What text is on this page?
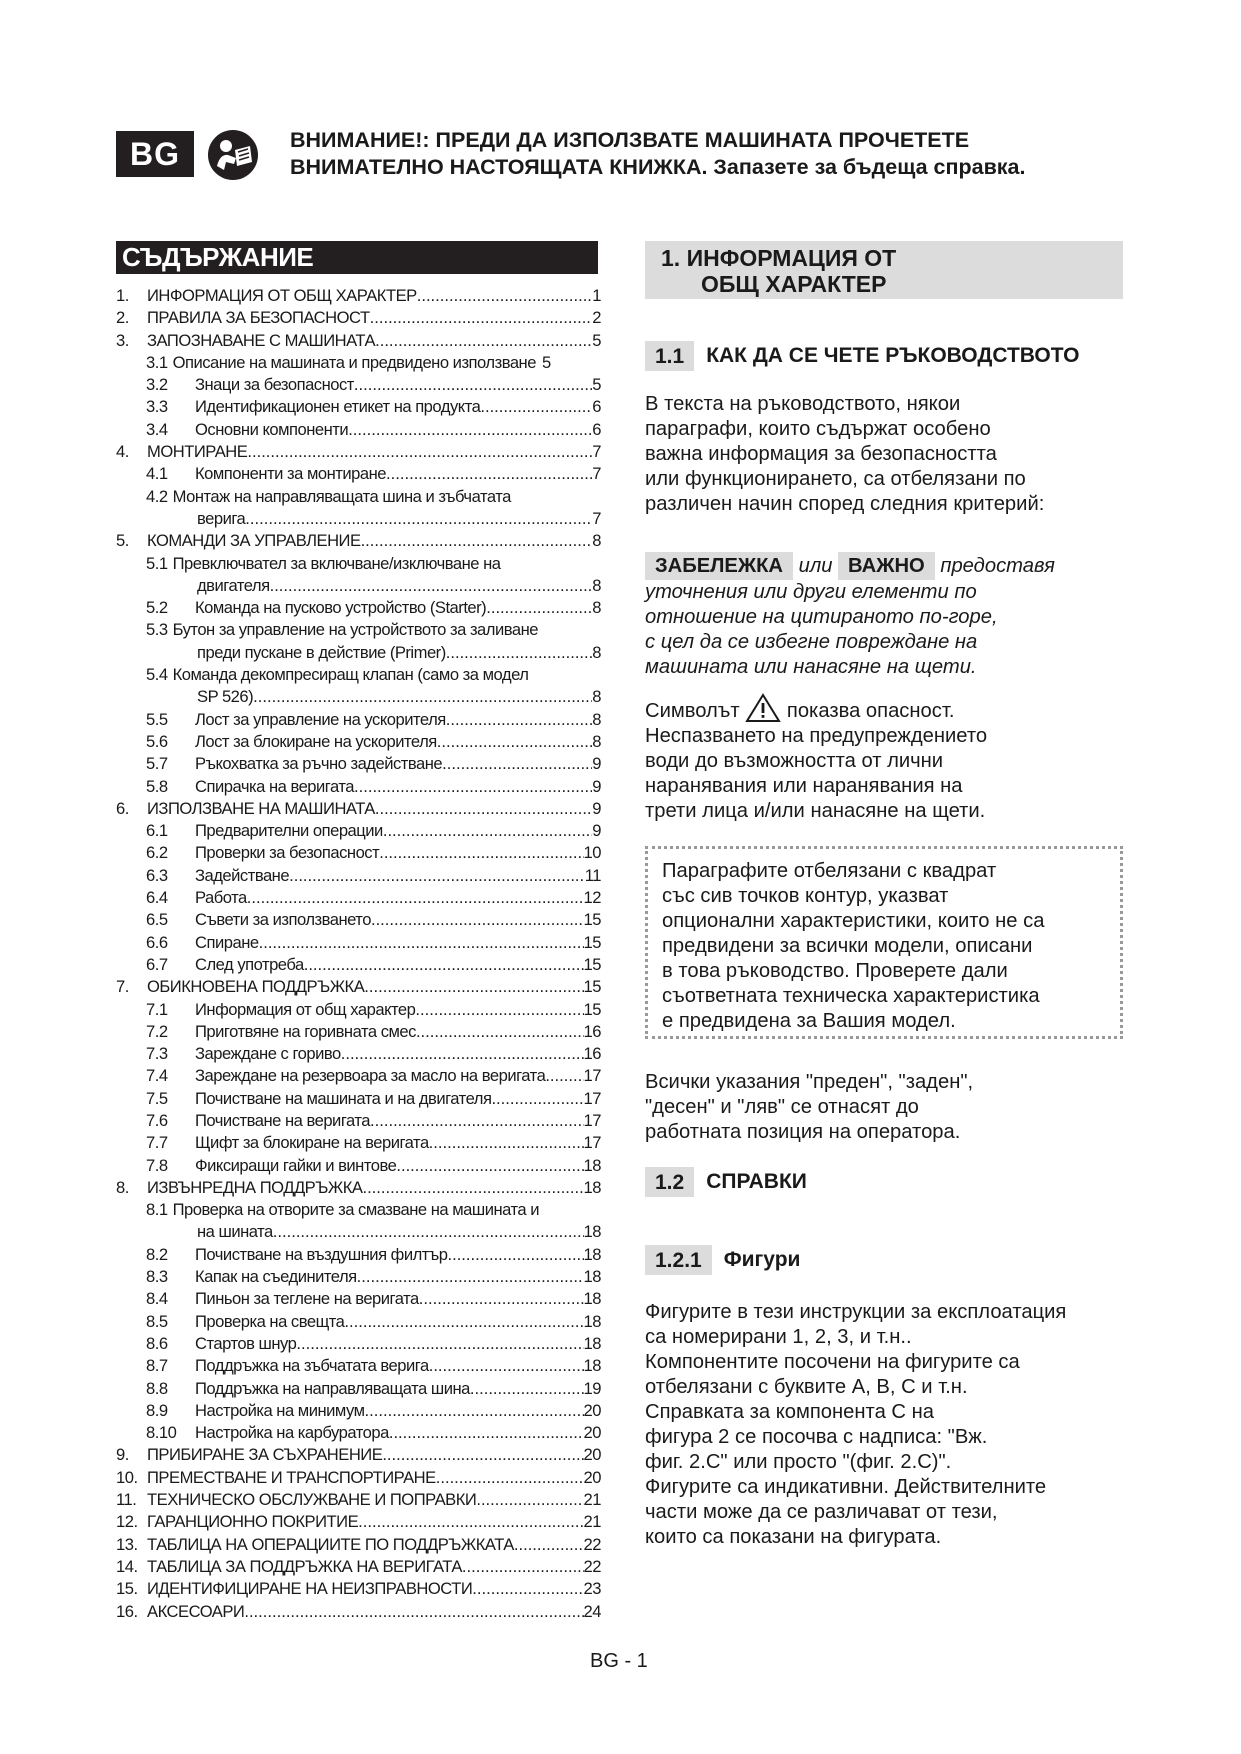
BG	ВНИМАНИЕ!: ПРЕДИ ДА ИЗПОЛЗВАТЕ МАШИНАТА ПРОЧЕТЕТЕ
ВНИМАТЕЛНО НАСТОЯЩАТА КНИЖКА. Запазете за бъдеща справка.
СЪДЪРЖАНИЕ
1.	ИНФОРМАЦИЯ ОТ ОБЩ ХАРАКТЕР .....	1
2.	ПРАВИЛА ЗА БЕЗОПАСНОСТ .....	2
3.	ЗАПОЗНАВАНЕ С МАШИНАТА .....	5
3.1 Описание на машината и предвидено използване 5
3.2	Знаци за безопасност .....	5
3.3	Идентификационен етикет на продукта .....	6
3.4	Основни компоненти .....	6
4.	МОНТИРАНЕ .....	7
4.1	Компоненти за монтиране .....	7
4.2 Монтаж на направляващата шина и зъбчатата
верига .....	7
5.	КОМАНДИ ЗА УПРАВЛЕНИЕ .....	8
5.1 Превключвател за включване/изключване на
двигателя .....	8
5.2	Команда на пусково устройство (Starter) .....	8
5.3 Бутон за управление на устройството за заливане
преди пускане в действие (Primer) .....	8
5.4 Команда декомпресиращ клапан (само за модел
SP 526) .....	8
5.5	Лост за управление на ускорителя .....	8
5.6	Лост за блокиране на ускорителя .....	8
5.7	Ръкохватка за ръчно задействане .....	9
5.8	Спирачка на веригата .....	9
6.	ИЗПОЛЗВАНЕ НА МАШИНАТА .....	9
6.1	Предварителни операции .....	9
6.2	Проверки за безопасност .....	10
6.3	Задействане .....	11
6.4	Работа .....	12
6.5	Съвети за използването .....	15
6.6	Спиране .....	15
6.7	След употреба .....	15
7.	ОБИКНОВЕНА ПОДДРЪЖКА .....	15
7.1	Информация от общ характер .....	15
7.2	Приготвяне на горивната смес .....	16
7.3	Зареждане с гориво .....	16
7.4	Зареждане на резервоара за масло на веригата ..... 17
7.5	Почистване на машината и на двигателя .....	17
7.6	Почистване на веригата .....	17
7.7	Щифт за блокиране на веригата .....	17
7.8	Фиксиращи гайки и винтове .....	18
8.	ИЗВЪНРЕДНА ПОДДРЪЖКА .....	18
8.1 Проверка на отворите за смазване на машината и
на шината .....	18
8.2	Почистване на въздушния филтър .....	18
8.3	Капак на съединителя .....	18
8.4	Пиньон за теглене на веригата .....	18
8.5	Проверка на свещта .....	18
8.6	Стартов шнур .....	18
8.7	Поддръжка на зъбчатата верига .....	18
8.8	Поддръжка на направляващата шина .....	19
8.9	Настройка на минимум .....	20
8.10	Настройка на карбуратора .....	20
9.	ПРИБИРАНЕ ЗА СЪХРАНЕНИЕ .....	20
10. ПРЕМЕСТВАНЕ И ТРАНСПОРТИРАНЕ .....	20
11. ТЕХНИЧЕСКО ОБСЛУЖВАНЕ И ПОПРАВКИ .....	21
12. ГАРАНЦИОННО ПОКРИТИЕ .....	21
13. ТАБЛИЦА НА ОПЕРАЦИИТЕ ПО ПОДДРЪЖКАТА .....	22
14. ТАБЛИЦА ЗА ПОДДРЪЖКА НА ВЕРИГАТА .....	22
15. ИДЕНТИФИЦИРАНЕ НА НЕИЗПРАВНОСТИ .....	23
16. АКСЕСОАРИ .....	24
1. ИНФОРМАЦИЯ ОТ
ОБЩ ХАРАКТЕР
1.1	КАК ДА СЕ ЧЕТЕ РЪКОВОДСТВОТО
В текста на ръководството, някои
параграфи, които съдържат особено
важна информация за безопасността
или функционирането, са отбелязани по
различен начин според следния критерий:
ЗАБЕЛЕЖКА или ВАЖНО предоставя
уточнения или други елементи по
отношение на цитираното по-горе,
с цел да се избегне повреждане на
машината или нанасяне на щети.
Символът показва опасност.
Неспазването на предупреждението
води до възможността от лични
наранявания или наранявания на
трети лица и/или нанасяне на щети.
Параграфите отбелязани с квадрат
със сив точков контур, указват
опционални характеристики, които не са
предвидени за всички модели, описани
в това ръководство. Проверете дали
съответната техническа характеристика
е предвидена за Вашия модел.
Всички указания "преден", "заден",
"десен" и "ляв" се отнасят до
работната позиция на оператора.
1.2	СПРАВКИ
1.2.1	Фигури
Фигурите в тези инструкции за експлоатация
са номерирани 1, 2, 3, и т.н..
Компонентите посочени на фигурите са
отбелязани с буквите A, B, C и т.н.
Справката за компонента C на
фигура 2 се посочва с надписа: "Вж.
фиг. 2.C" или просто "(фиг. 2.C)".
Фигурите са индикативни. Действителните
части може да се различават от тези,
които са показани на фигурата.
BG - 1
